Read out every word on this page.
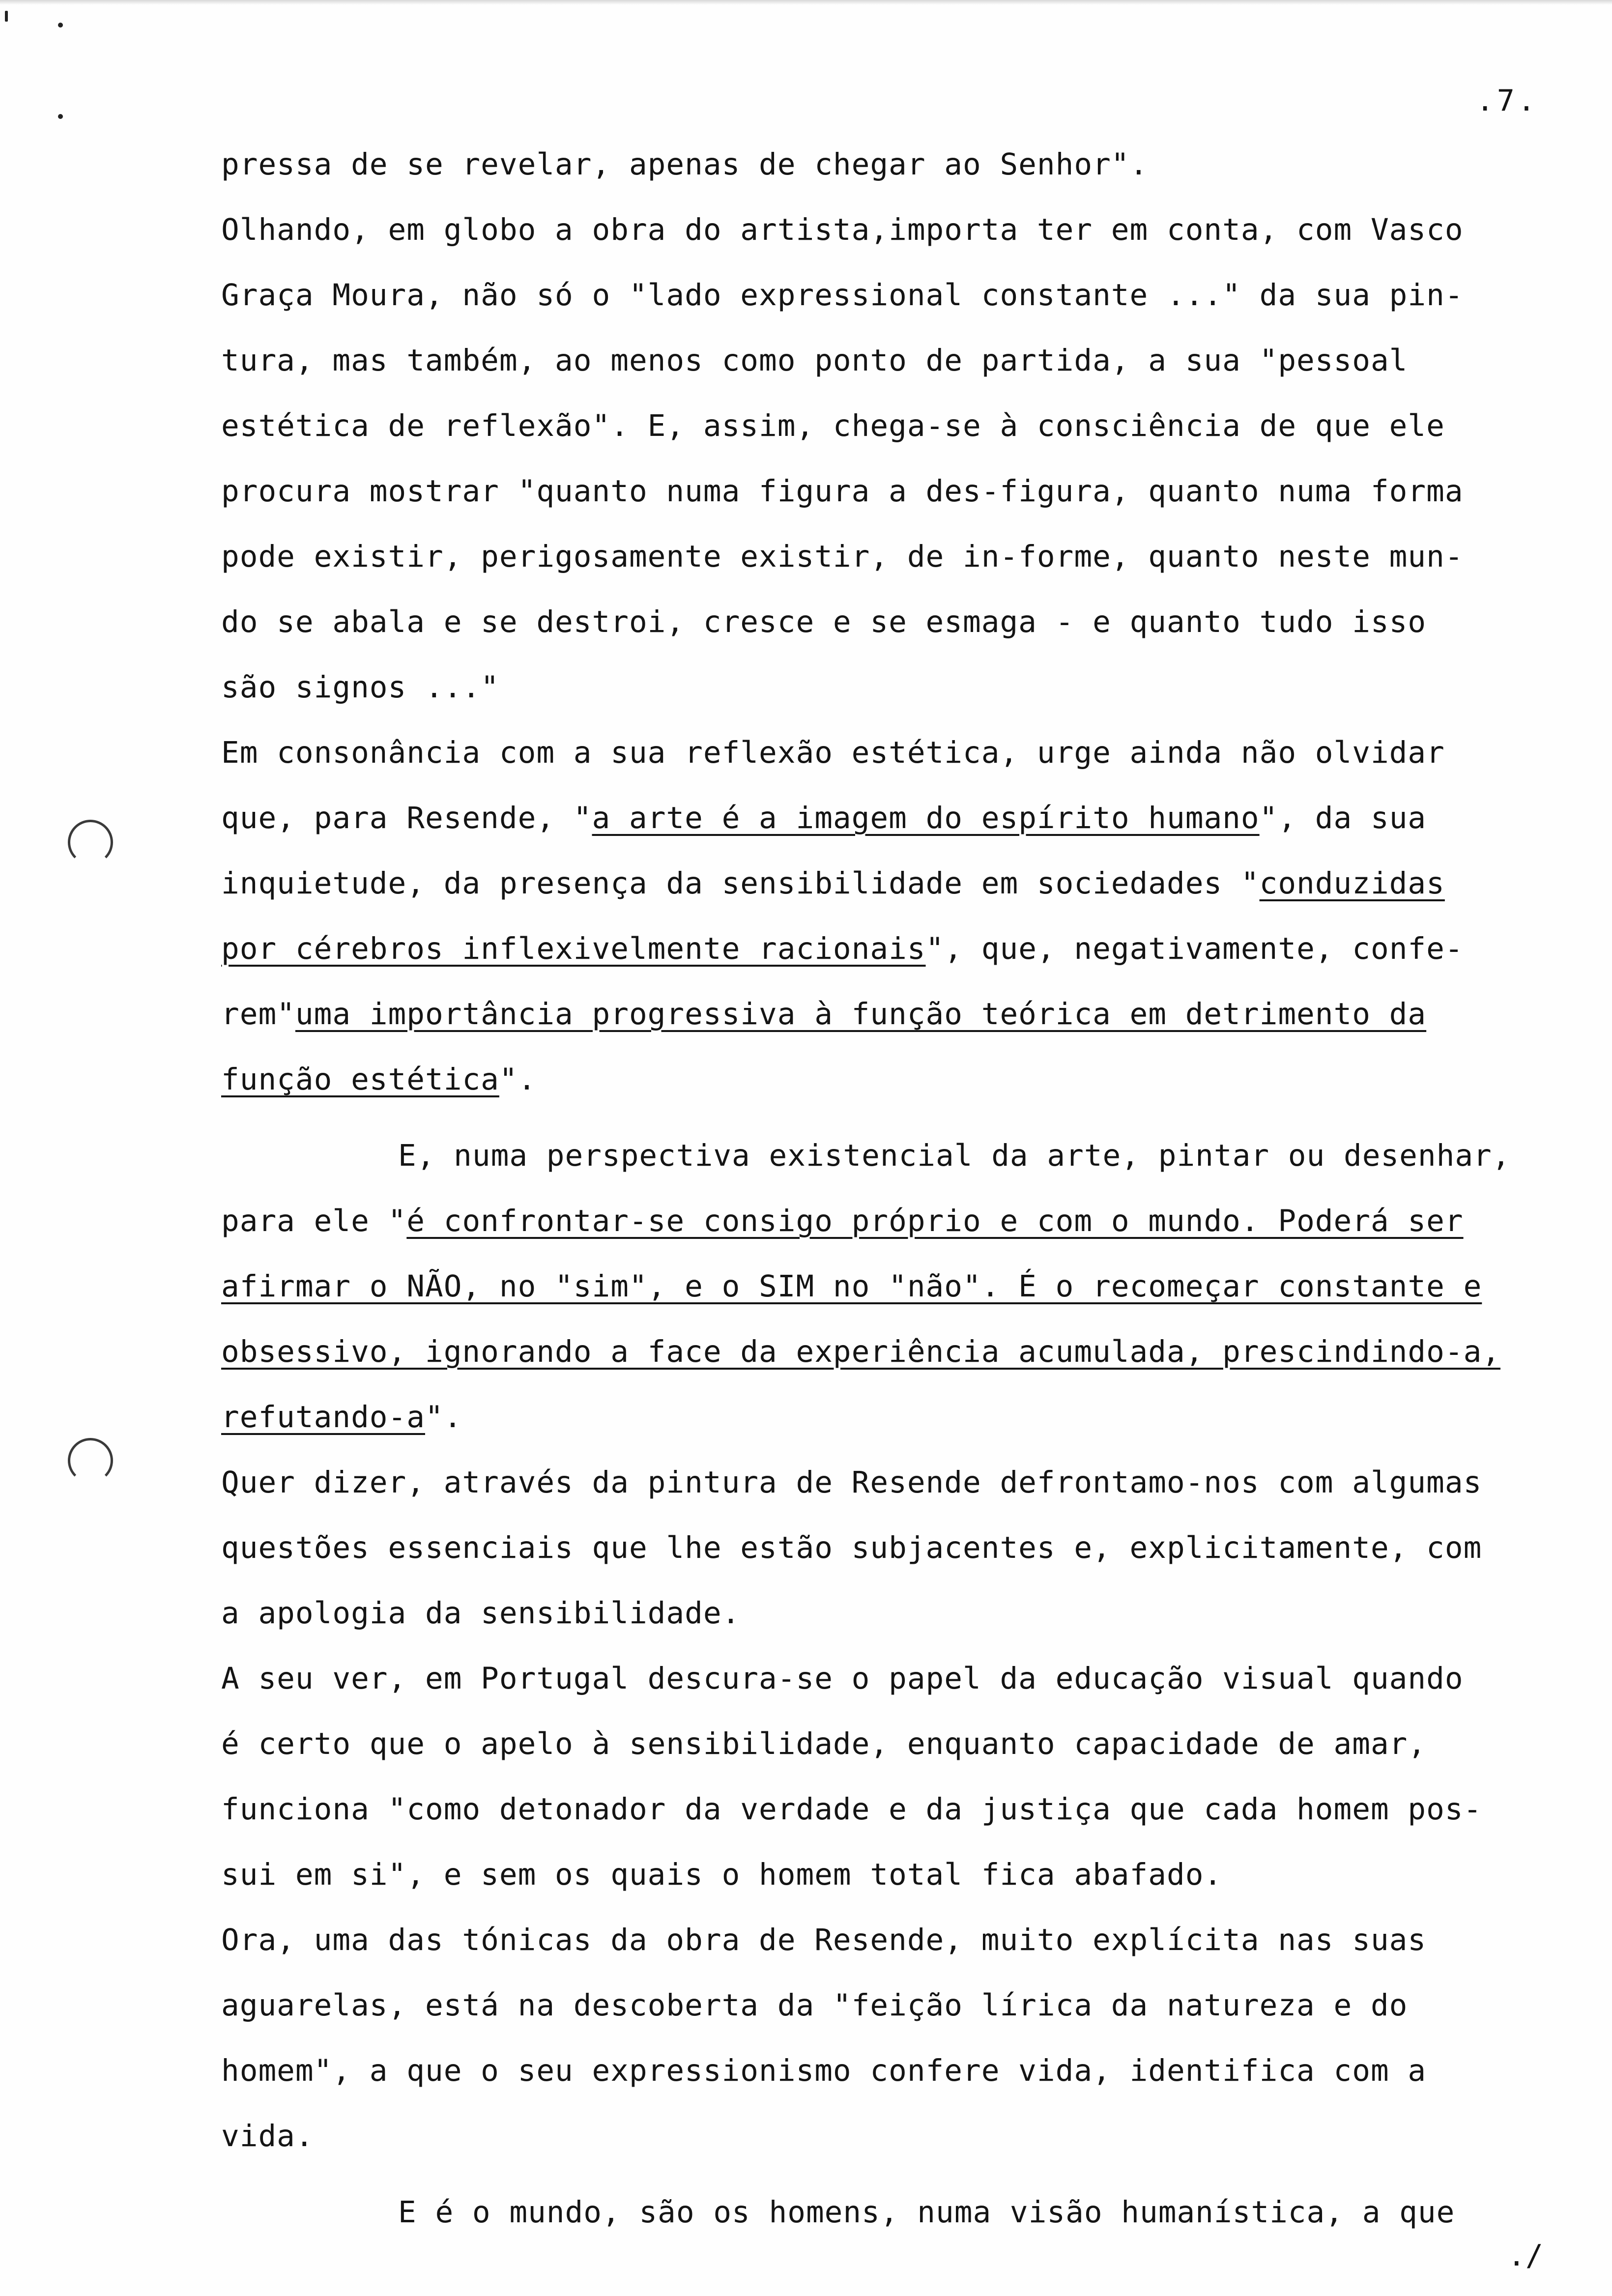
.7.
pressa de se revelar, apenas de chegar ao Senhor".
Olhando, em globo a obra do artista,importa ter em conta, com Vasco
Graça Moura, não só o "lado expressional constante ..." da sua pin-
tura, mas também, ao menos como ponto de partida, a sua "pessoal
estética de reflexão". E, assim, chega-se à consciência de que ele
procura mostrar "quanto numa figura a des-figura, quanto numa forma
pode existir, perigosamente existir, de in-forme, quanto neste mun-
do se abala e se destroi, cresce e se esmaga - e quanto tudo isso
são signos ..."
Em consonância com a sua reflexão estética, urge ainda não olvidar
que, para Resende, "a arte é a imagem do espírito humano", da sua
inquietude, da presença da sensibilidade em sociedades "conduzidas
por cérebros inflexivelmente racionais", que, negativamente, confe-
rem"uma importância progressiva à função teórica em detrimento da
função estética".
E, numa perspectiva existencial da arte, pintar ou desenhar,
para ele "é confrontar-se consigo próprio e com o mundo. Poderá ser
afirmar o NÃO, no "sim", e o SIM no "não". É o recomeçar constante e
obsessivo, ignorando a face da experiência acumulada, prescindindo-a,
refutando-a".
Quer dizer, através da pintura de Resende defrontamo-nos com algumas
questões essenciais que lhe estão subjacentes e, explicitamente, com
a apologia da sensibilidade.
A seu ver, em Portugal descura-se o papel da educação visual quando
é certo que o apelo à sensibilidade, enquanto capacidade de amar,
funciona "como detonador da verdade e da justiça que cada homem pos-
sui em si", e sem os quais o homem total fica abafado.
Ora, uma das tónicas da obra de Resende, muito explícita nas suas
aguarelas, está na descoberta da "feição lírica da natureza e do
homem", a que o seu expressionismo confere vida, identifica com a
vida.
E é o mundo, são os homens, numa visão humanística, a que
./
